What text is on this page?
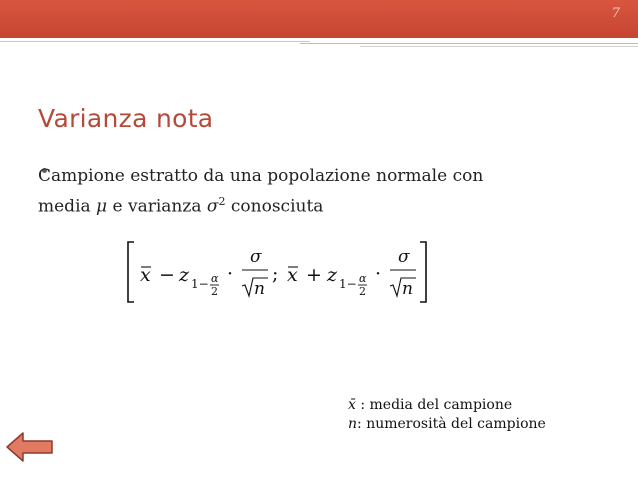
7
Varianza nota
Campione estratto da una popolazione normale con
media μ e varianza $\sigma^2$ conosciuta
x − z 1− α
2
·
σ
n
; x + z 1− α
2
·
σ
n
x̄ : media del campione
n: numerosità del campione
